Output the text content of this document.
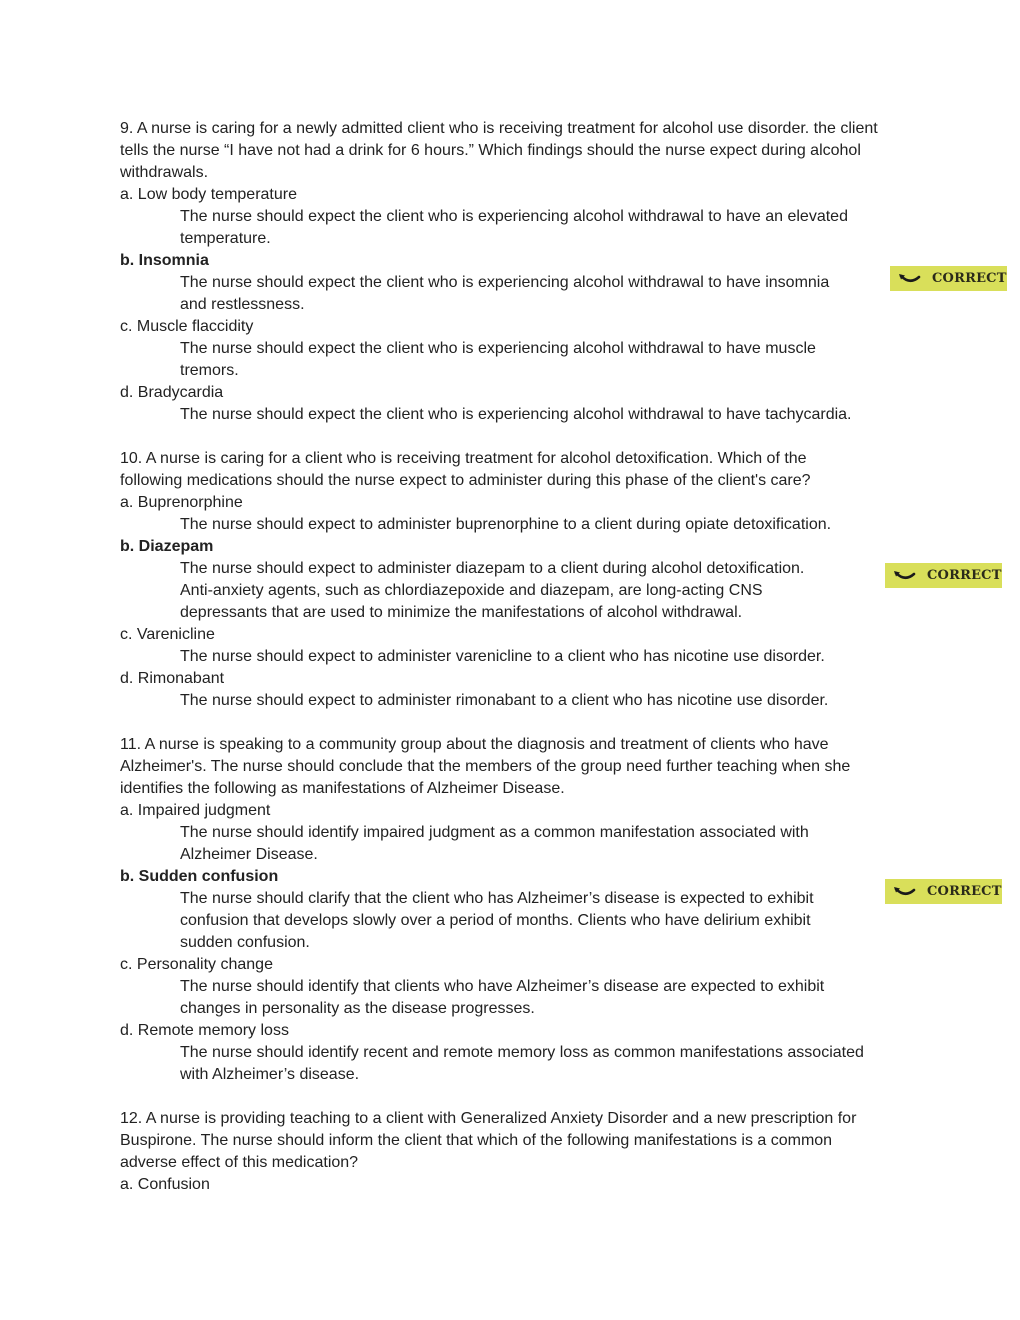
9. A nurse is caring for a newly admitted client who is receiving treatment for alcohol use disorder. the client tells the nurse “I have not had a drink for 6 hours.” Which findings should the nurse expect during alcohol withdrawals.

a. Low body temperature

The nurse should expect the client who is experiencing alcohol withdrawal to have an elevated temperature.

b. Insomnia

The nurse should expect the client who is experiencing alcohol withdrawal to have insomnia and restlessness.

c. Muscle flaccidity

The nurse should expect the client who is experiencing alcohol withdrawal to have muscle tremors.

d. Bradycardia

The nurse should expect the client who is experiencing alcohol withdrawal to have tachycardia.

10. A nurse is caring for a client who is receiving treatment for alcohol detoxification. Which of the following medications should the nurse expect to administer during this phase of the client's care?

a. Buprenorphine

The nurse should expect to administer buprenorphine to a client during opiate detoxification.

b. Diazepam

The nurse should expect to administer diazepam to a client during alcohol detoxification. Anti-anxiety agents, such as chlordiazepoxide and diazepam, are long-acting CNS depressants that are used to minimize the manifestations of alcohol withdrawal.

c. Varenicline

The nurse should expect to administer varenicline to a client who has nicotine use disorder.

d. Rimonabant

The nurse should expect to administer rimonabant to a client who has nicotine use disorder.

11. A nurse is speaking to a community group about the diagnosis and treatment of clients who have Alzheimer's. The nurse should conclude that the members of the group need further teaching when she identifies the following as manifestations of Alzheimer Disease.

a. Impaired judgment

The nurse should identify impaired judgment as a common manifestation associated with Alzheimer Disease.

b. Sudden confusion

The nurse should clarify that the client who has Alzheimer’s disease is expected to exhibit confusion that develops slowly over a period of months. Clients who have delirium exhibit sudden confusion.

c. Personality change

The nurse should identify that clients who have Alzheimer’s disease are expected to exhibit changes in personality as the disease progresses.

d. Remote memory loss

The nurse should identify recent and remote memory loss as common manifestations associated with Alzheimer’s disease.

12. A nurse is providing teaching to a client with Generalized Anxiety Disorder and a new prescription for Buspirone. The nurse should inform the client that which of the following manifestations is a common adverse effect of this medication?

a. Confusion

CORRECT
CORRECT
CORRECT
